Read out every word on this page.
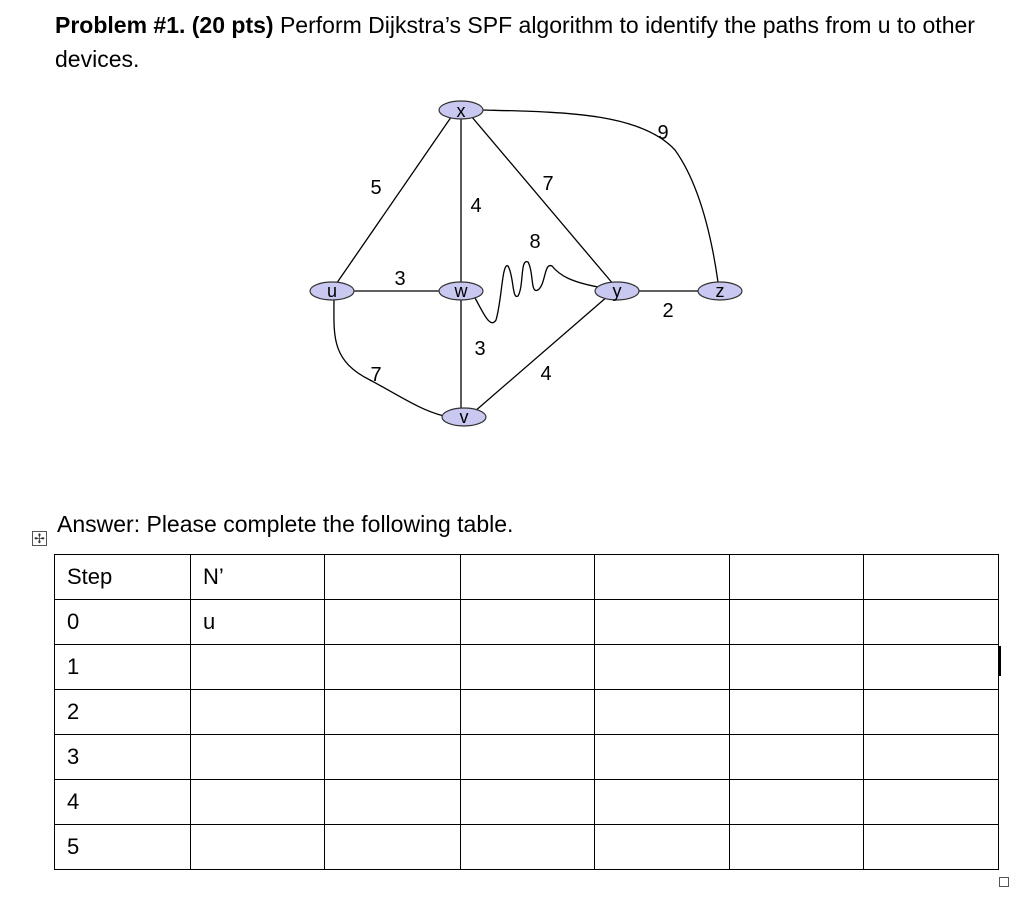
Problem #1. (20 pts) Perform Dijkstra’s SPF algorithm to identify the paths from u to other devices.
5
4
7
9
3
8
2
3
7	4
x
u	w	y	z
v
Answer: Please complete the following table.
✢
Step	N’					
0	u					
1						
2						
3						
4						
5						
